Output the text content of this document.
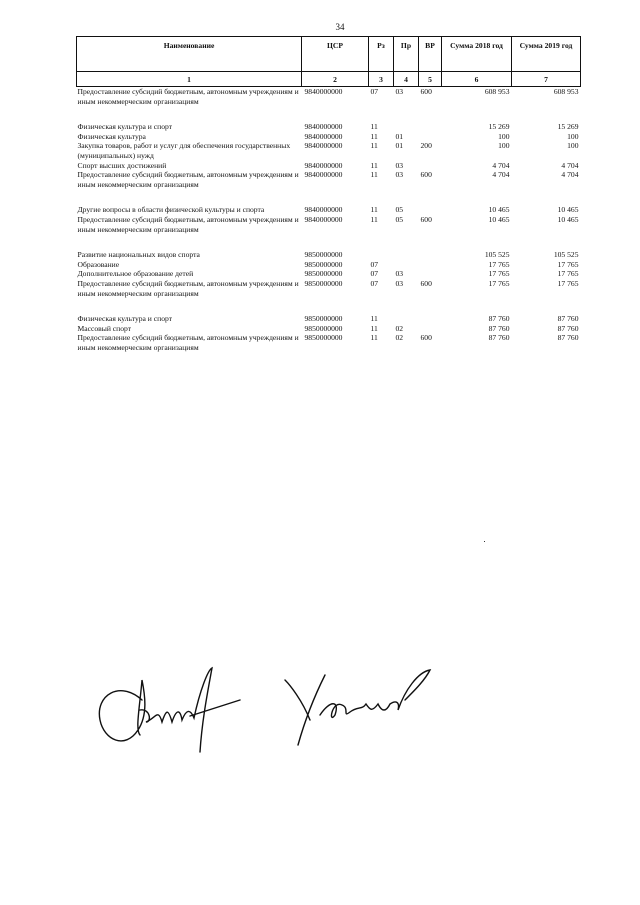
34
Наименование	ЦСР	Рз	Пр	ВР	Сумма 2018 год	Сумма 2019 год
1	2	3	4	5	6	7
Предоставление субсидий бюджетным, автономным учреждениям и иным некоммерческим организациям	9840000000	07	03	600	608 953	608 953

Физическая культура и спорт	9840000000	11			15 269	15 269
Физическая культура	9840000000	11	01		100	100
Закупка товаров, работ и услуг для обеспечения государственных (муниципальных) нужд	9840000000	11	01	200	100	100
Спорт высших достижений	9840000000	11	03		4 704	4 704
Предоставление субсидий бюджетным, автономным учреждениям и иным некоммерческим организациям	9840000000	11	03	600	4 704	4 704

Другие вопросы в области физической культуры и спорта	9840000000	11	05		10 465	10 465
Предоставление субсидий бюджетным, автономным учреждениям и иным некоммерческим организациям	9840000000	11	05	600	10 465	10 465

Развитие национальных видов спорта	9850000000				105 525	105 525
Образование	9850000000	07			17 765	17 765
Дополнительное образование детей	9850000000	07	03		17 765	17 765
Предоставление субсидий бюджетным, автономным учреждениям и иным некоммерческим организациям	9850000000	07	03	600	17 765	17 765

Физическая культура и спорт	9850000000	11			87 760	87 760
Массовый спорт	9850000000	11	02		87 760	87 760
Предоставление субсидий бюджетным, автономным учреждениям и иным некоммерческим организациям	9850000000	11	02	600	87 760	87 760
